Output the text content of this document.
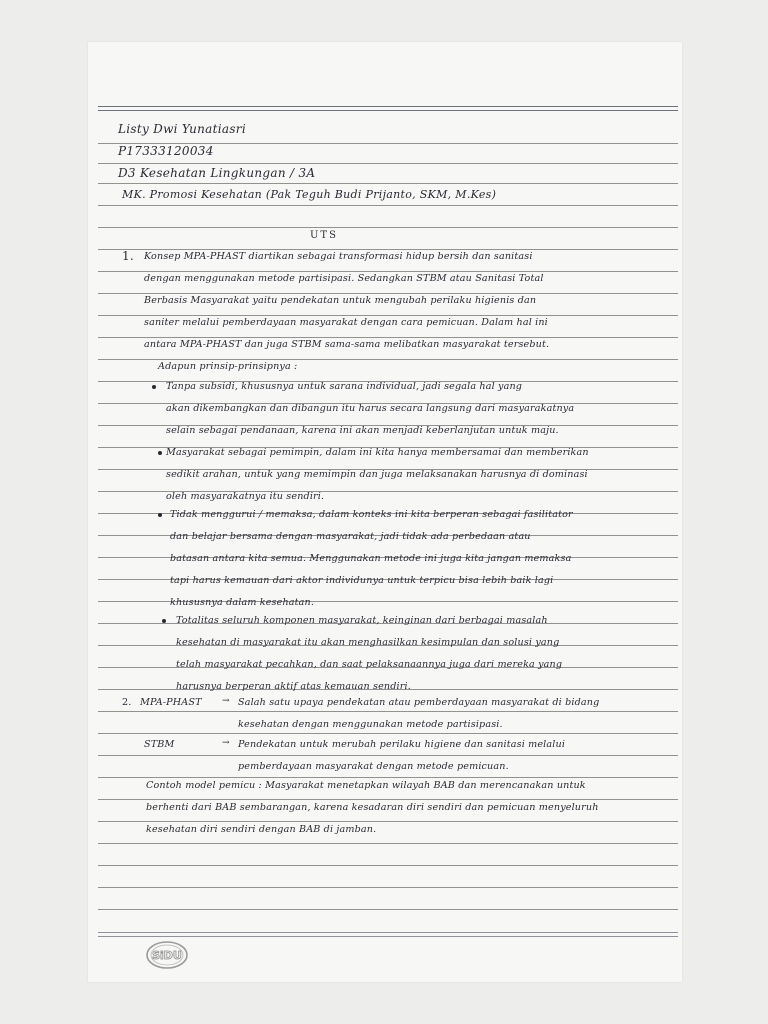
Listy Dwi Yunatiasri
P17333120034
D3 Kesehatan Lingkungan / 3A
MK. Promosi Kesehatan (Pak Teguh Budi Prijanto, SKM, M.Kes)
UTS
1. Konsep MPA-PHAST diartikan sebagai transformasi hidup bersih dan sanitasi
dengan menggunakan metode partisipasi. Sedangkan STBM atau Sanitasi Total
Berbasis Masyarakat yaitu pendekatan untuk mengubah perilaku higienis dan
saniter melalui pemberdayaan masyarakat dengan cara pemicuan. Dalam hal ini
antara MPA-PHAST dan juga STBM sama-sama melibatkan masyarakat tersebut.
Adapun prinsip-prinsipnya :
Tanpa subsidi, khususnya untuk sarana individual, jadi segala hal yang
akan dikembangkan dan dibangun itu harus secara langsung dari masyarakatnya
selain sebagai pendanaan, karena ini akan menjadi keberlanjutan untuk maju.
Masyarakat sebagai pemimpin, dalam ini kita hanya membersamai dan memberikan
sedikit arahan, untuk yang memimpin dan juga melaksanakan harusnya di dominasi
oleh masyarakatnya itu sendiri.
Tidak menggurui / memaksa, dalam konteks ini kita berperan sebagai fasilitator
dan belajar bersama dengan masyarakat, jadi tidak ada perbedaan atau
batasan antara kita semua. Menggunakan metode ini juga kita jangan memaksa
tapi harus kemauan dari aktor individunya untuk terpicu bisa lebih baik lagi
khususnya dalam kesehatan.
Totalitas seluruh komponen masyarakat, keinginan dari berbagai masalah
kesehatan di masyarakat itu akan menghasilkan kesimpulan dan solusi yang
telah masyarakat pecahkan, dan saat pelaksanaannya juga dari mereka yang
harusnya berperan aktif atas kemauan sendiri.
2. MPA-PHAST → Salah satu upaya pendekatan atau pemberdayaan masyarakat di bidang
kesehatan dengan menggunakan metode partisipasi.
STBM	→ Pendekatan untuk merubah perilaku higiene dan sanitasi melalui
pemberdayaan masyarakat dengan metode pemicuan.
Contoh model pemicu : Masyarakat menetapkan wilayah BAB dan merencanakan untuk
berhenti dari BAB sembarangan, karena kesadaran diri sendiri dan pemicuan menyeluruh
kesehatan diri sendiri dengan BAB di jamban.
SiDU
